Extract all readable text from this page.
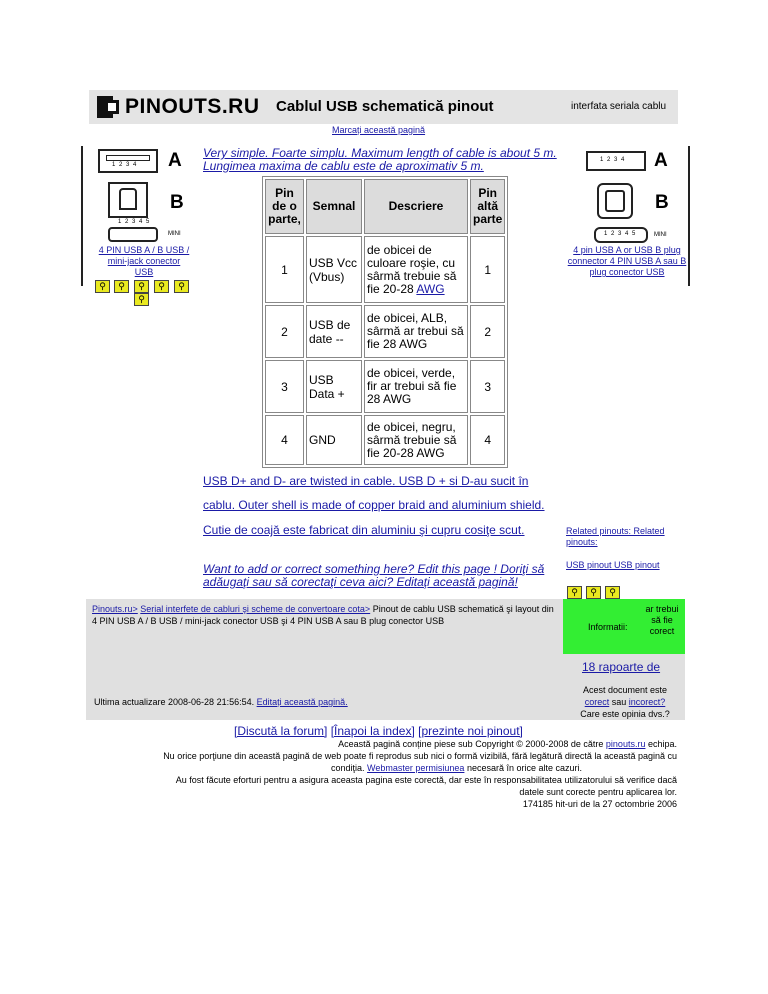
PINOUTS.RU Cablul USB schematică pinout	interfata seriala cablu
Marcați această pagină
1 2 3 4 A
B
1 2 3 4 5
MINI
4 PIN USB A / B USB / mini-jack conector USB
⚲	⚲	⚲	⚲	⚲
⚲
1 2 3 4 A
B
1 2 3 4 5	MINI
4 pin USB A or USB B plug connector 4 PIN USB A sau B plug conector USB
Very simple. Foarte simplu. Maximum length of cable is about 5 m. Lungimea maxima de cablu este de aproximativ 5 m.
Pin de o parte,	Semnal	Descriere	Pin altă parte
1	USB Vcc (Vbus)	de obicei de culoare roşie, cu sârmă trebuie să fie 20-28 AWG	1
2	USB de date --	de obicei, ALB, sârmă ar trebui să fie 28 AWG	2
3	USB Data +	de obicei, verde, fir ar trebui să fie 28 AWG	3
4	GND	de obicei, negru, sârmă trebuie să fie 20-28 AWG	4
USB D+ and D- are twisted in cable. USB D + si D-au sucit în
cablu. Outer shell is made of copper braid and aluminium shield.
Cutie de coajă este fabricat din aluminiu şi cupru cosiţe scut.	Related pinouts: Related pinouts:
Want to add or correct something here? Edit this page ! Doriţi să adăugaţi sau să corectaţi ceva aici? Editaţi această pagină!
USB pinout USB pinout
⚲	⚲	⚲
Pinouts.ru> Serial interfete de cabluri şi scheme de convertoare cota> Pinout de cablu USB schematică şi layout din 4 PIN USB A / B USB / mini-jack conector USB şi 4 PIN USB A sau B plug conector USB
Ultima actualizare 2008-06-28 21:56:54. Editați această pagină.
Informatii:
ar trebui să fie corect
18 rapoarte de
Acest document este
corect sau incorect?
Care este opinia dvs.?
[Discută la forum] [Înapoi la index] [prezinte noi pinout]
Această pagină conține piese sub Copyright © 2000-2008 de către pinouts.ru echipa.
Nu orice porţiune din această pagină de web poate fi reprodus sub nici o formă vizibilă, fără legătură directă la această pagină cu
condiţia. Webmaster permisiunea necesară în orice alte cazuri.
Au fost făcute eforturi pentru a asigura aceasta pagina este corectă, dar este în responsabilitatea utilizatorului să verifice dacă
datele sunt corecte pentru aplicarea lor.
174185 hit-uri de la 27 octombrie 2006
